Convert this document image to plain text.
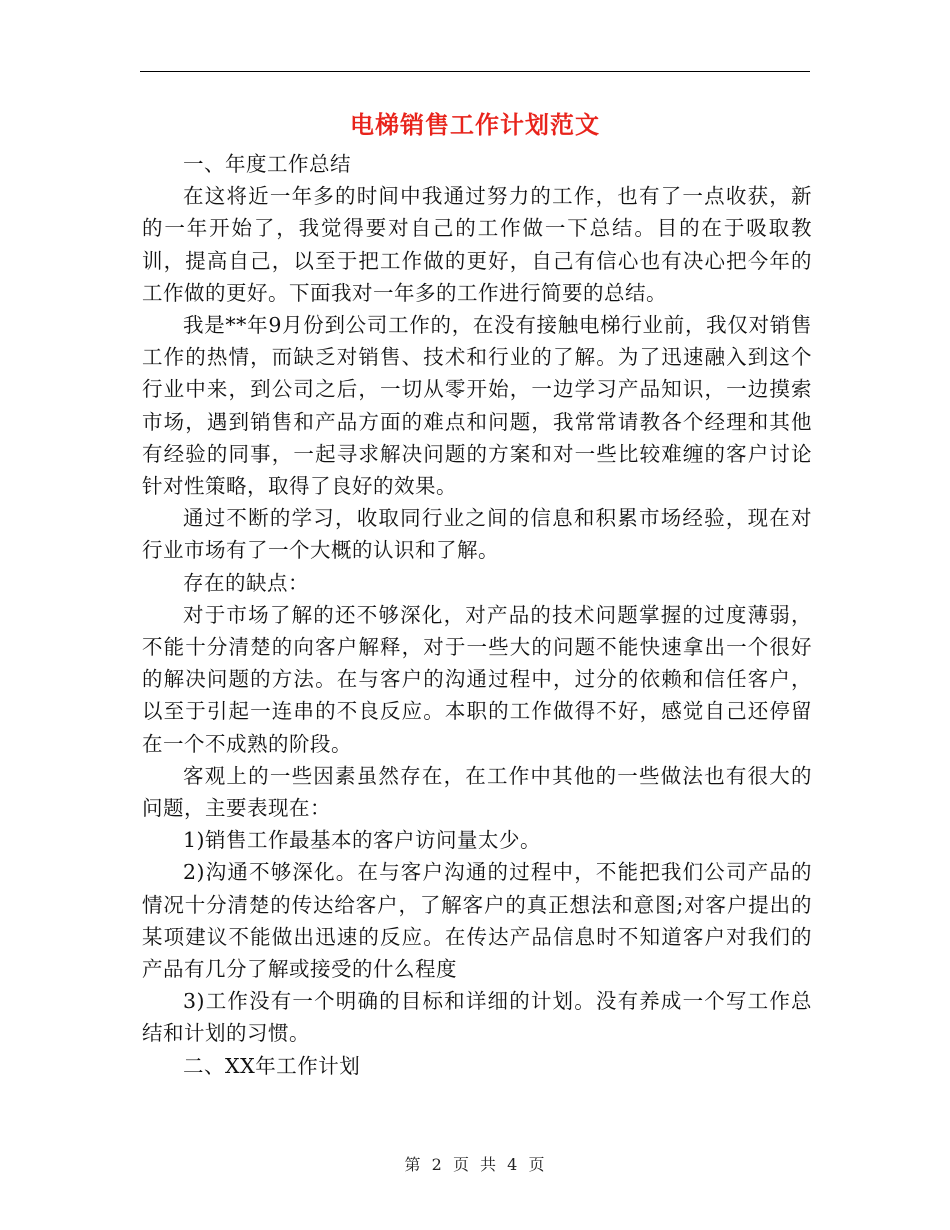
电梯销售工作计划范文

一、年度工作总结

在这将近一年多的时间中我通过努力的工作，也有了一点收获，新的一年开始了，我觉得要对自己的工作做一下总结。目的在于吸取教训，提高自己，以至于把工作做的更好，自己有信心也有决心把今年的工作做的更好。下面我对一年多的工作进行简要的总结。

我是**年9月份到公司工作的，在没有接触电梯行业前，我仅对销售工作的热情，而缺乏对销售、技术和行业的了解。为了迅速融入到这个行业中来，到公司之后，一切从零开始，一边学习产品知识，一边摸索市场，遇到销售和产品方面的难点和问题，我常常请教各个经理和其他有经验的同事，一起寻求解决问题的方案和对一些比较难缠的客户讨论针对性策略，取得了良好的效果。

通过不断的学习，收取同行业之间的信息和积累市场经验，现在对行业市场有了一个大概的认识和了解。

存在的缺点：

对于市场了解的还不够深化，对产品的技术问题掌握的过度薄弱，不能十分清楚的向客户解释，对于一些大的问题不能快速拿出一个很好的解决问题的方法。在与客户的沟通过程中，过分的依赖和信任客户，以至于引起一连串的不良反应。本职的工作做得不好，感觉自己还停留在一个不成熟的阶段。

客观上的一些因素虽然存在，在工作中其他的一些做法也有很大的问题，主要表现在：

1)销售工作最基本的客户访问量太少。

2)沟通不够深化。在与客户沟通的过程中，不能把我们公司产品的情况十分清楚的传达给客户，了解客户的真正想法和意图;对客户提出的某项建议不能做出迅速的反应。在传达产品信息时不知道客户对我们的产品有几分了解或接受的什么程度

3)工作没有一个明确的目标和详细的计划。没有养成一个写工作总结和计划的习惯。

二、XX年工作计划

第 2 页 共 4 页
